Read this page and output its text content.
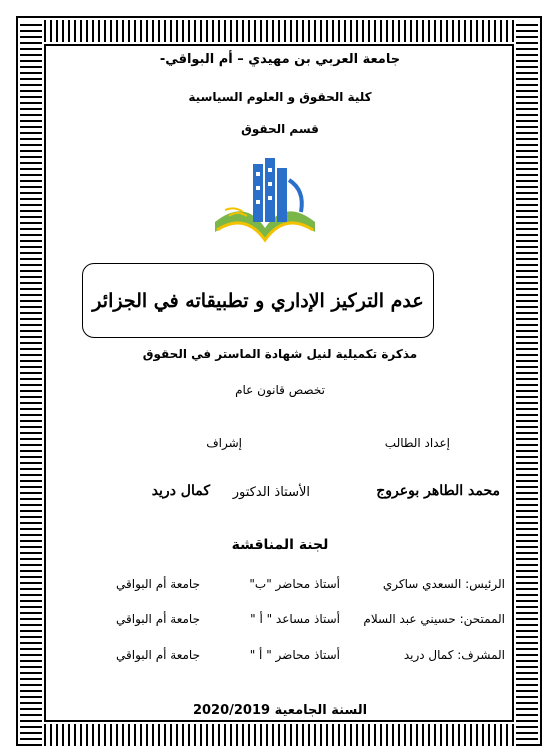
جامعة العربي بن مهيدي – أم البواقي-
كلية الحقوق و العلوم السياسية
قسم الحقوق
عدم التركيز الإداري و تطبيقاته في الجزائر
مذكرة تكميلية لنيل شهادة الماستر في الحقوق
تخصص قانون عام
إعداد الطالب
إشراف
محمد الطاهر بوعروج
الأستاذ الدكتور
كمال دريد
لجنة المناقشة
الرئيس: السعدي ساكري
أستاذ محاضر "ب"
جامعة أم البواقي
الممتحن: حسيني عبد السلام
أستاذ مساعد " أ "
جامعة أم البواقي
المشرف: كمال دريد
أستاذ محاضر " أ "
جامعة أم البواقي
السنة الجامعية 2020/2019
